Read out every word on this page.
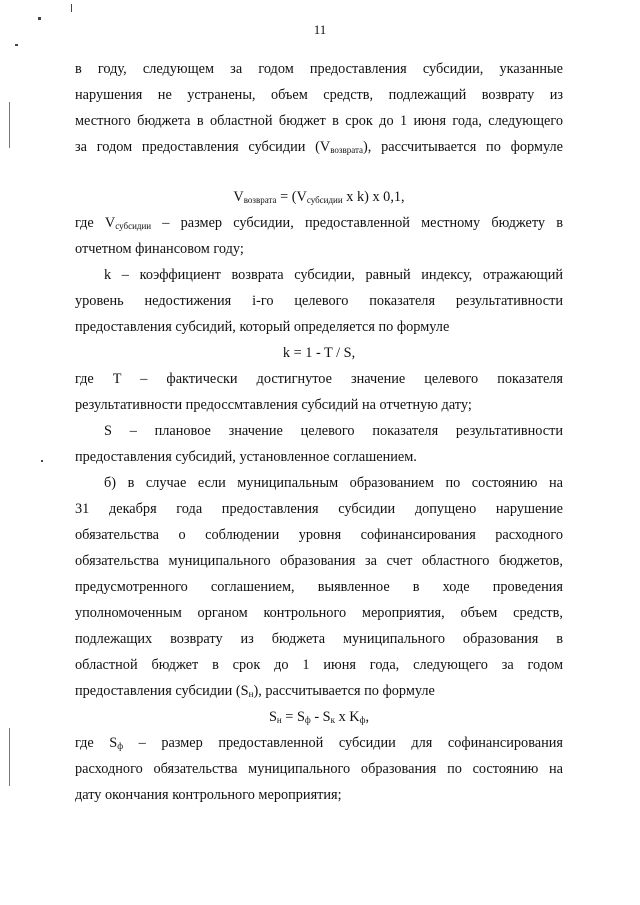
11
в году, следующем за годом предоставления субсидии, указанные
нарушения не устранены, объем средств, подлежащий возврату из
местного бюджета в областной бюджет в срок до 1 июня года, следующего
за годом предоставления субсидии $(V_{возврата})$, рассчитывается по формуле
$V_{возврата} = (V_{субсидии}$ x k) x 0,1,
где $V_{субсидии}$ – размер субсидии, предоставленной местному бюджету в
отчетном финансовом году;
k – коэффициент возврата субсидии, равный индексу, отражающий
уровень недостижения i-го целевого показателя результативности
предоставления субсидий, который определяется по формуле
k = 1 - T / S,
где T – фактически достигнутое значение целевого показателя
результативности предоссмтавления субсидий на отчетную дату;
S – плановое значение целевого показателя результативности
предоставления субсидий, установленное соглашением.
б) в случае если муниципальным образованием по состоянию на
31 декабря года предоставления субсидии допущено нарушение
обязательства о соблюдении уровня софинансирования расходного
обязательства муниципального образования за счет областного бюджетов,
предусмотренного соглашением, выявленное в ходе проведения
уполномоченным органом контрольного мероприятия, объем средств,
подлежащих возврату из бюджета муниципального образования в
областной бюджет в срок до 1 июня года, следующего за годом
предоставления субсидии $(S_н)$, рассчитывается по формуле
$S_н = S_ф - S_к$ x $K_ф$,
где $S_ф$ – размер предоставленной субсидии для софинансирования
расходного обязательства муниципального образования по состоянию на
дату окончания контрольного мероприятия;
